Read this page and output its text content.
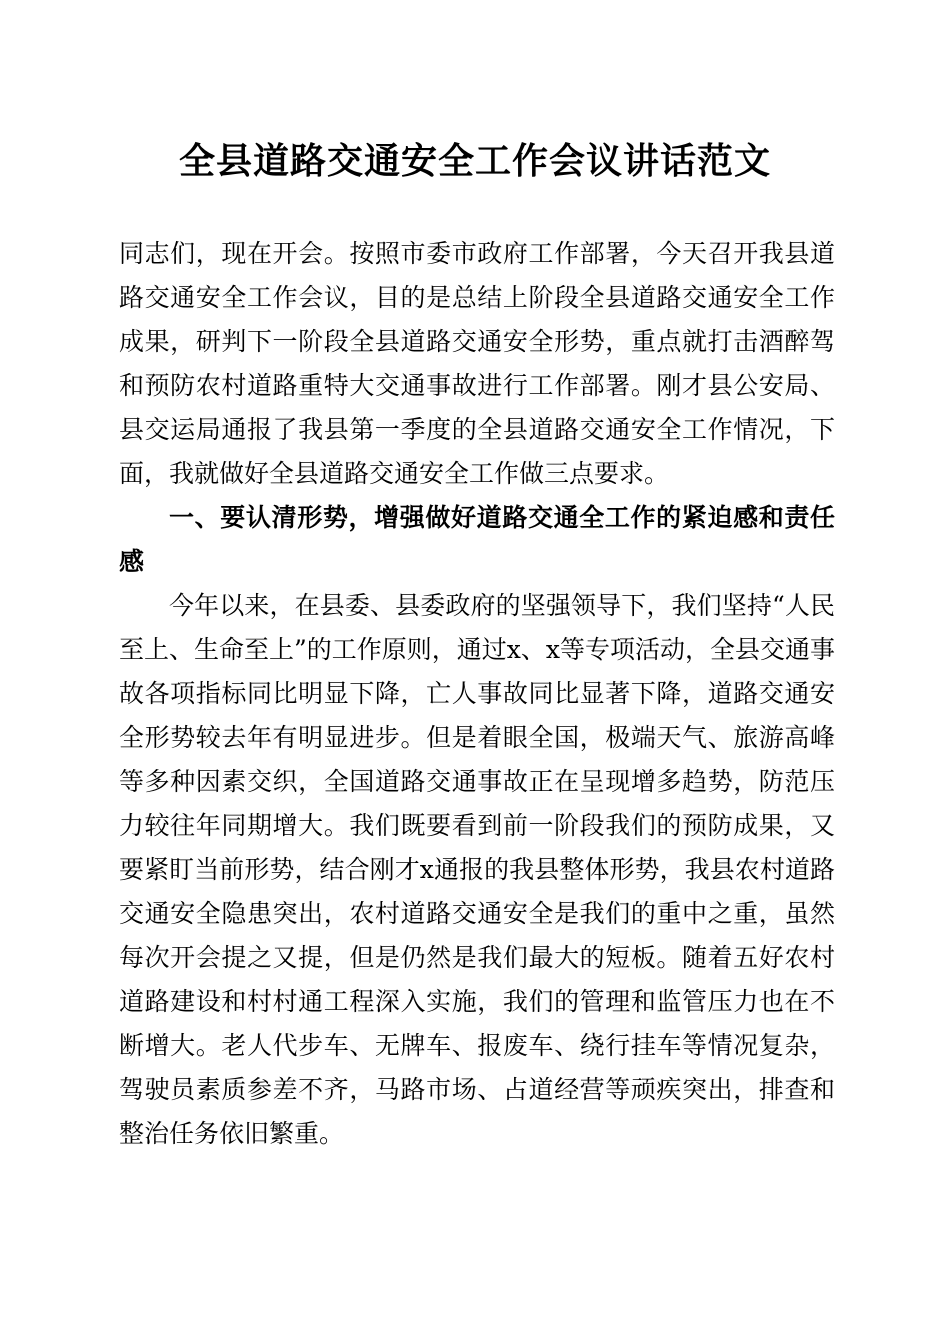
全县道路交通安全工作会议讲话范文

同志们，现在开会。按照市委市政府工作部署，今天召开我县道路交通安全工作会议，目的是总结上阶段全县道路交通安全工作成果，研判下一阶段全县道路交通安全形势，重点就打击酒醉驾和预防农村道路重特大交通事故进行工作部署。刚才县公安局、县交运局通报了我县第一季度的全县道路交通安全工作情况，下面，我就做好全县道路交通安全工作做三点要求。

一、要认清形势，增强做好道路交通全工作的紧迫感和责任感

今年以来，在县委、县委政府的坚强领导下，我们坚持“人民至上、生命至上”的工作原则，通过x、x等专项活动，全县交通事故各项指标同比明显下降，亡人事故同比显著下降，道路交通安全形势较去年有明显进步。但是着眼全国，极端天气、旅游高峰等多种因素交织，全国道路交通事故正在呈现增多趋势，防范压力较往年同期增大。我们既要看到前一阶段我们的预防成果，又要紧盯当前形势，结合刚才x通报的我县整体形势，我县农村道路交通安全隐患突出，农村道路交通安全是我们的重中之重，虽然每次开会提之又提，但是仍然是我们最大的短板。随着五好农村道路建设和村村通工程深入实施，我们的管理和监管压力也在不断增大。老人代步车、无牌车、报废车、绕行挂车等情况复杂，驾驶员素质参差不齐，马路市场、占道经营等顽疾突出，排查和整治任务依旧繁重。
